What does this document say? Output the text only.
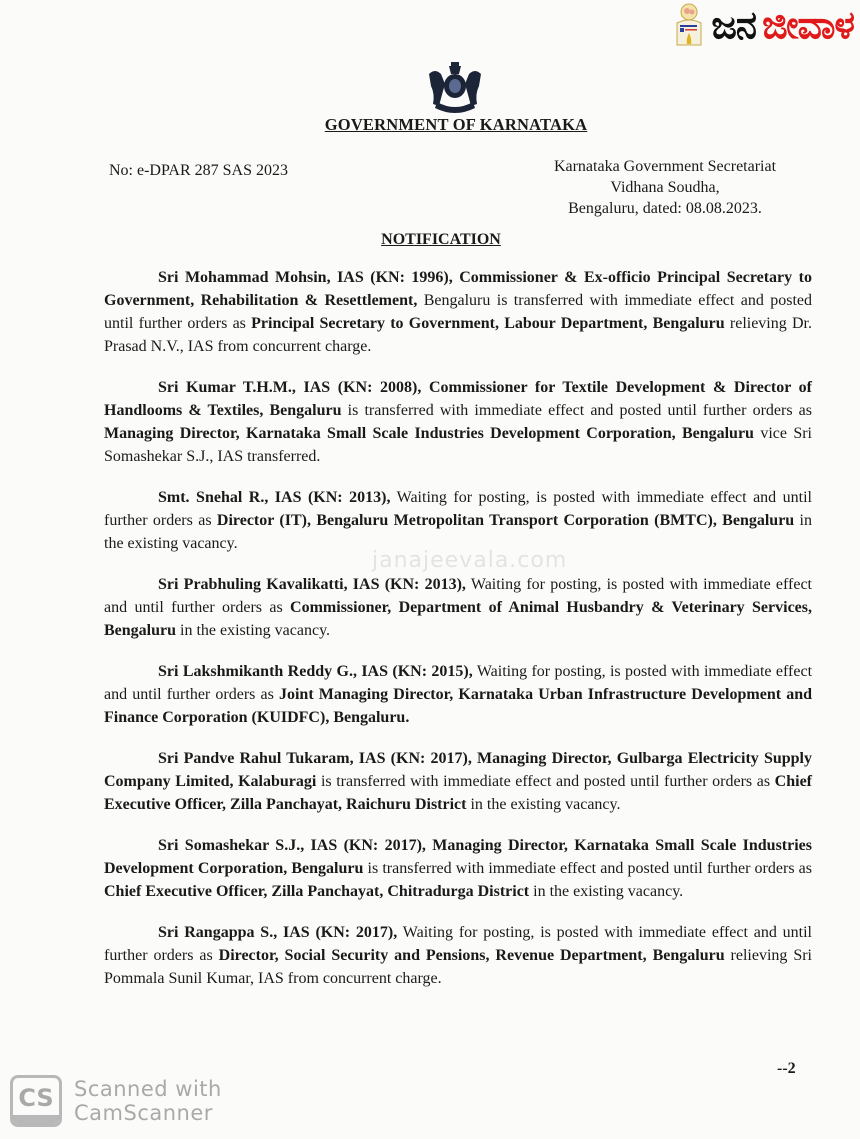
ಜನ ಜೀವಾಳ
GOVERNMENT OF KARNATAKA
No: e-DPAR 287 SAS 2023	Karnataka Government Secretariat
Vidhana Soudha,
Bengaluru, dated: 08.08.2023.
NOTIFICATION

Sri Mohammad Mohsin, IAS (KN: 1996), Commissioner & Ex-officio Principal Secretary to Government, Rehabilitation & Resettlement, Bengaluru is transferred with immediate effect and posted until further orders as Principal Secretary to Government, Labour Department, Bengaluru relieving Dr. Prasad N.V., IAS from concurrent charge.

Sri Kumar T.H.M., IAS (KN: 2008), Commissioner for Textile Development & Director of Handlooms & Textiles, Bengaluru is transferred with immediate effect and posted until further orders as Managing Director, Karnataka Small Scale Industries Development Corporation, Bengaluru vice Sri Somashekar S.J., IAS transferred.

Smt. Snehal R., IAS (KN: 2013), Waiting for posting, is posted with immediate effect and until further orders as Director (IT), Bengaluru Metropolitan Transport Corporation (BMTC), Bengaluru in the existing vacancy.

Sri Prabhuling Kavalikatti, IAS (KN: 2013), Waiting for posting, is posted with immediate effect and until further orders as Commissioner, Department of Animal Husbandry & Veterinary Services, Bengaluru in the existing vacancy.

Sri Lakshmikanth Reddy G., IAS (KN: 2015), Waiting for posting, is posted with immediate effect and until further orders as Joint Managing Director, Karnataka Urban Infrastructure Development and Finance Corporation (KUIDFC), Bengaluru.

Sri Pandve Rahul Tukaram, IAS (KN: 2017), Managing Director, Gulbarga Electricity Supply Company Limited, Kalaburagi is transferred with immediate effect and posted until further orders as Chief Executive Officer, Zilla Panchayat, Raichuru District in the existing vacancy.

Sri Somashekar S.J., IAS (KN: 2017), Managing Director, Karnataka Small Scale Industries Development Corporation, Bengaluru is transferred with immediate effect and posted until further orders as Chief Executive Officer, Zilla Panchayat, Chitradurga District in the existing vacancy.

Sri Rangappa S., IAS (KN: 2017), Waiting for posting, is posted with immediate effect and until further orders as Director, Social Security and Pensions, Revenue Department, Bengaluru relieving Sri Pommala Sunil Kumar, IAS from concurrent charge.

janajeevala.com
--2
CS Scanned with
CamScanner
